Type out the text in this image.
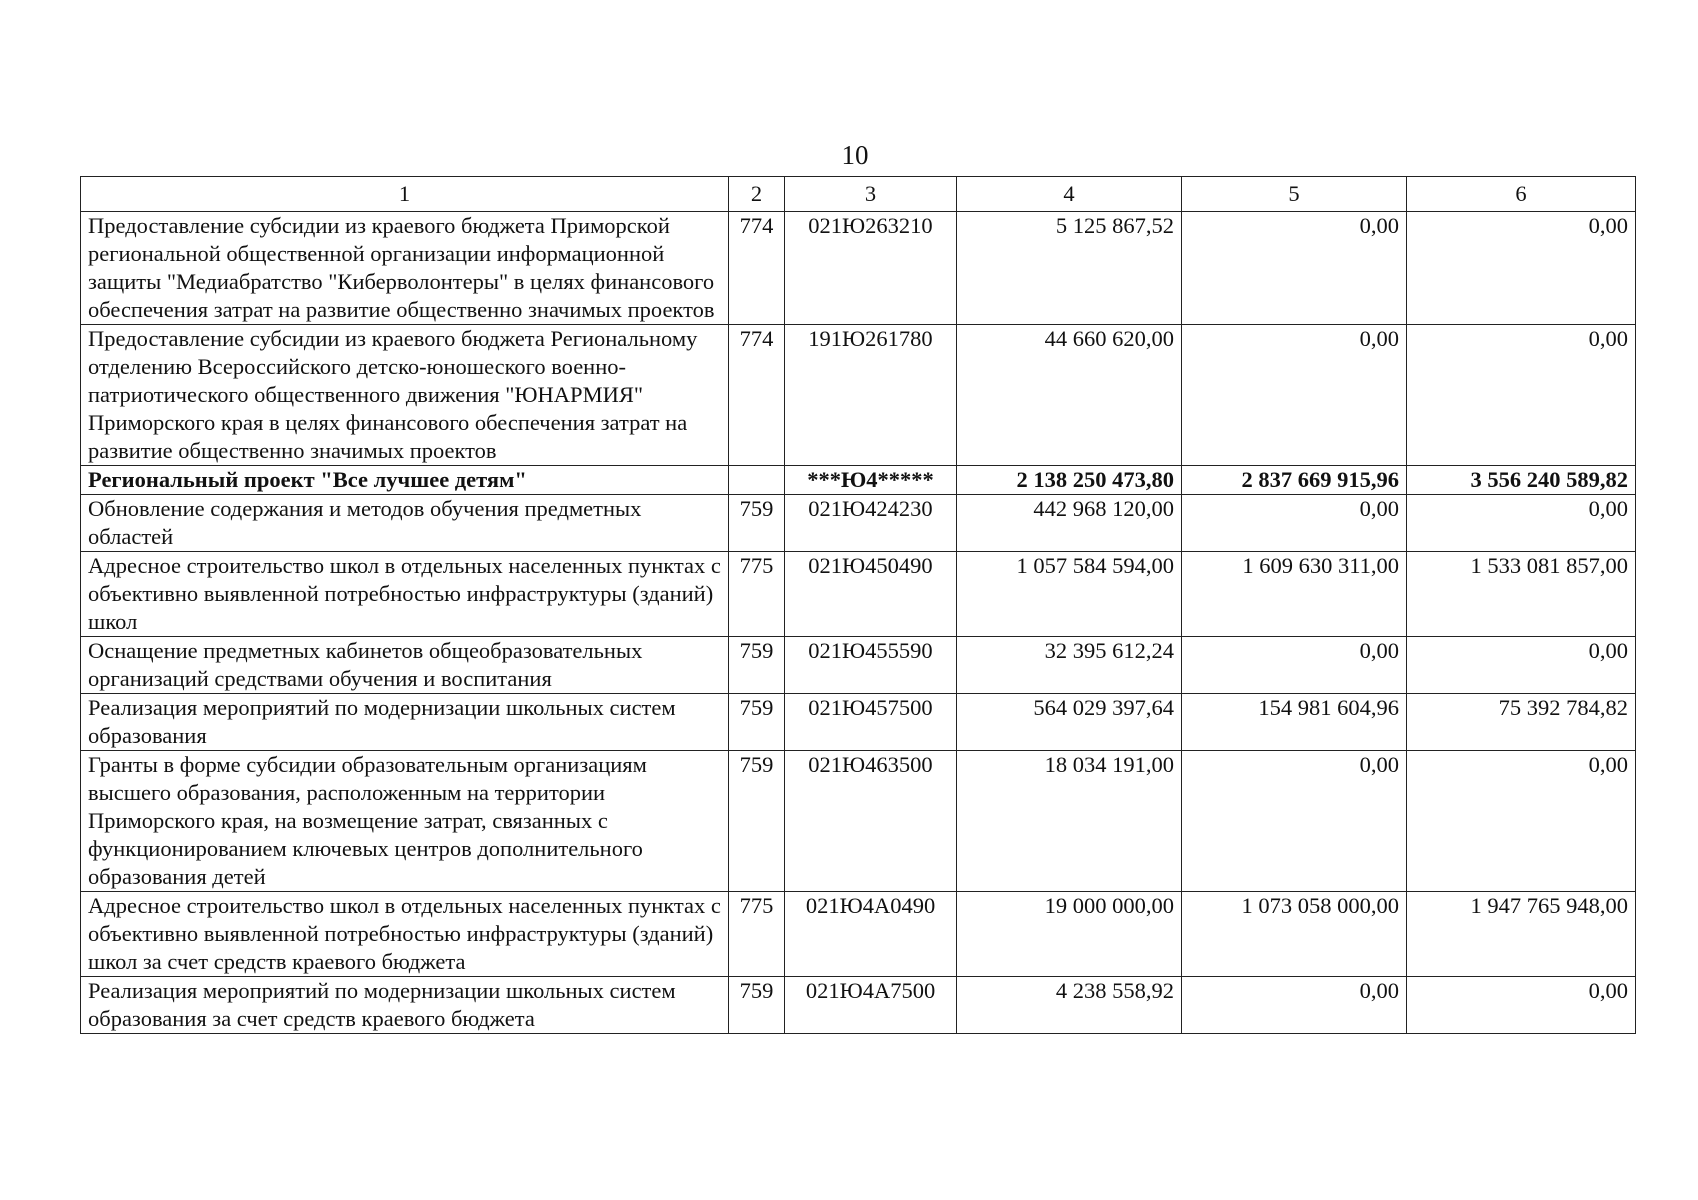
10
1	2	3	4	5	6
Предоставление субсидии из краевого бюджета Приморской региональной общественной организации информационной защиты "Медиабратство "Киберволонтеры" в целях финансового обеспечения затрат на развитие общественно значимых проектов	774	021Ю263210	5 125 867,52	0,00	0,00
Предоставление субсидии из краевого бюджета Региональному отделению Всероссийского детско-юношеского военно-патриотического общественного движения "ЮНАРМИЯ" Приморского края в целях финансового обеспечения затрат на развитие общественно значимых проектов	774	191Ю261780	44 660 620,00	0,00	0,00
Региональный проект "Все лучшее детям"		***Ю4*****	2 138 250 473,80	2 837 669 915,96	3 556 240 589,82
Обновление содержания и методов обучения предметных областей	759	021Ю424230	442 968 120,00	0,00	0,00
Адресное строительство школ в отдельных населенных пунктах с объективно выявленной потребностью инфраструктуры (зданий) школ	775	021Ю450490	1 057 584 594,00	1 609 630 311,00	1 533 081 857,00
Оснащение предметных кабинетов общеобразовательных организаций средствами обучения и воспитания	759	021Ю455590	32 395 612,24	0,00	0,00
Реализация мероприятий по модернизации школьных систем образования	759	021Ю457500	564 029 397,64	154 981 604,96	75 392 784,82
Гранты в форме субсидии образовательным организациям высшего образования, расположенным на территории Приморского края, на возмещение затрат, связанных с функционированием ключевых центров дополнительного образования детей	759	021Ю463500	18 034 191,00	0,00	0,00
Адресное строительство школ в отдельных населенных пунктах с объективно выявленной потребностью инфраструктуры (зданий) школ за счет средств краевого бюджета	775	021Ю4А0490	19 000 000,00	1 073 058 000,00	1 947 765 948,00
Реализация мероприятий по модернизации школьных систем образования за счет средств краевого бюджета	759	021Ю4А7500	4 238 558,92	0,00	0,00
